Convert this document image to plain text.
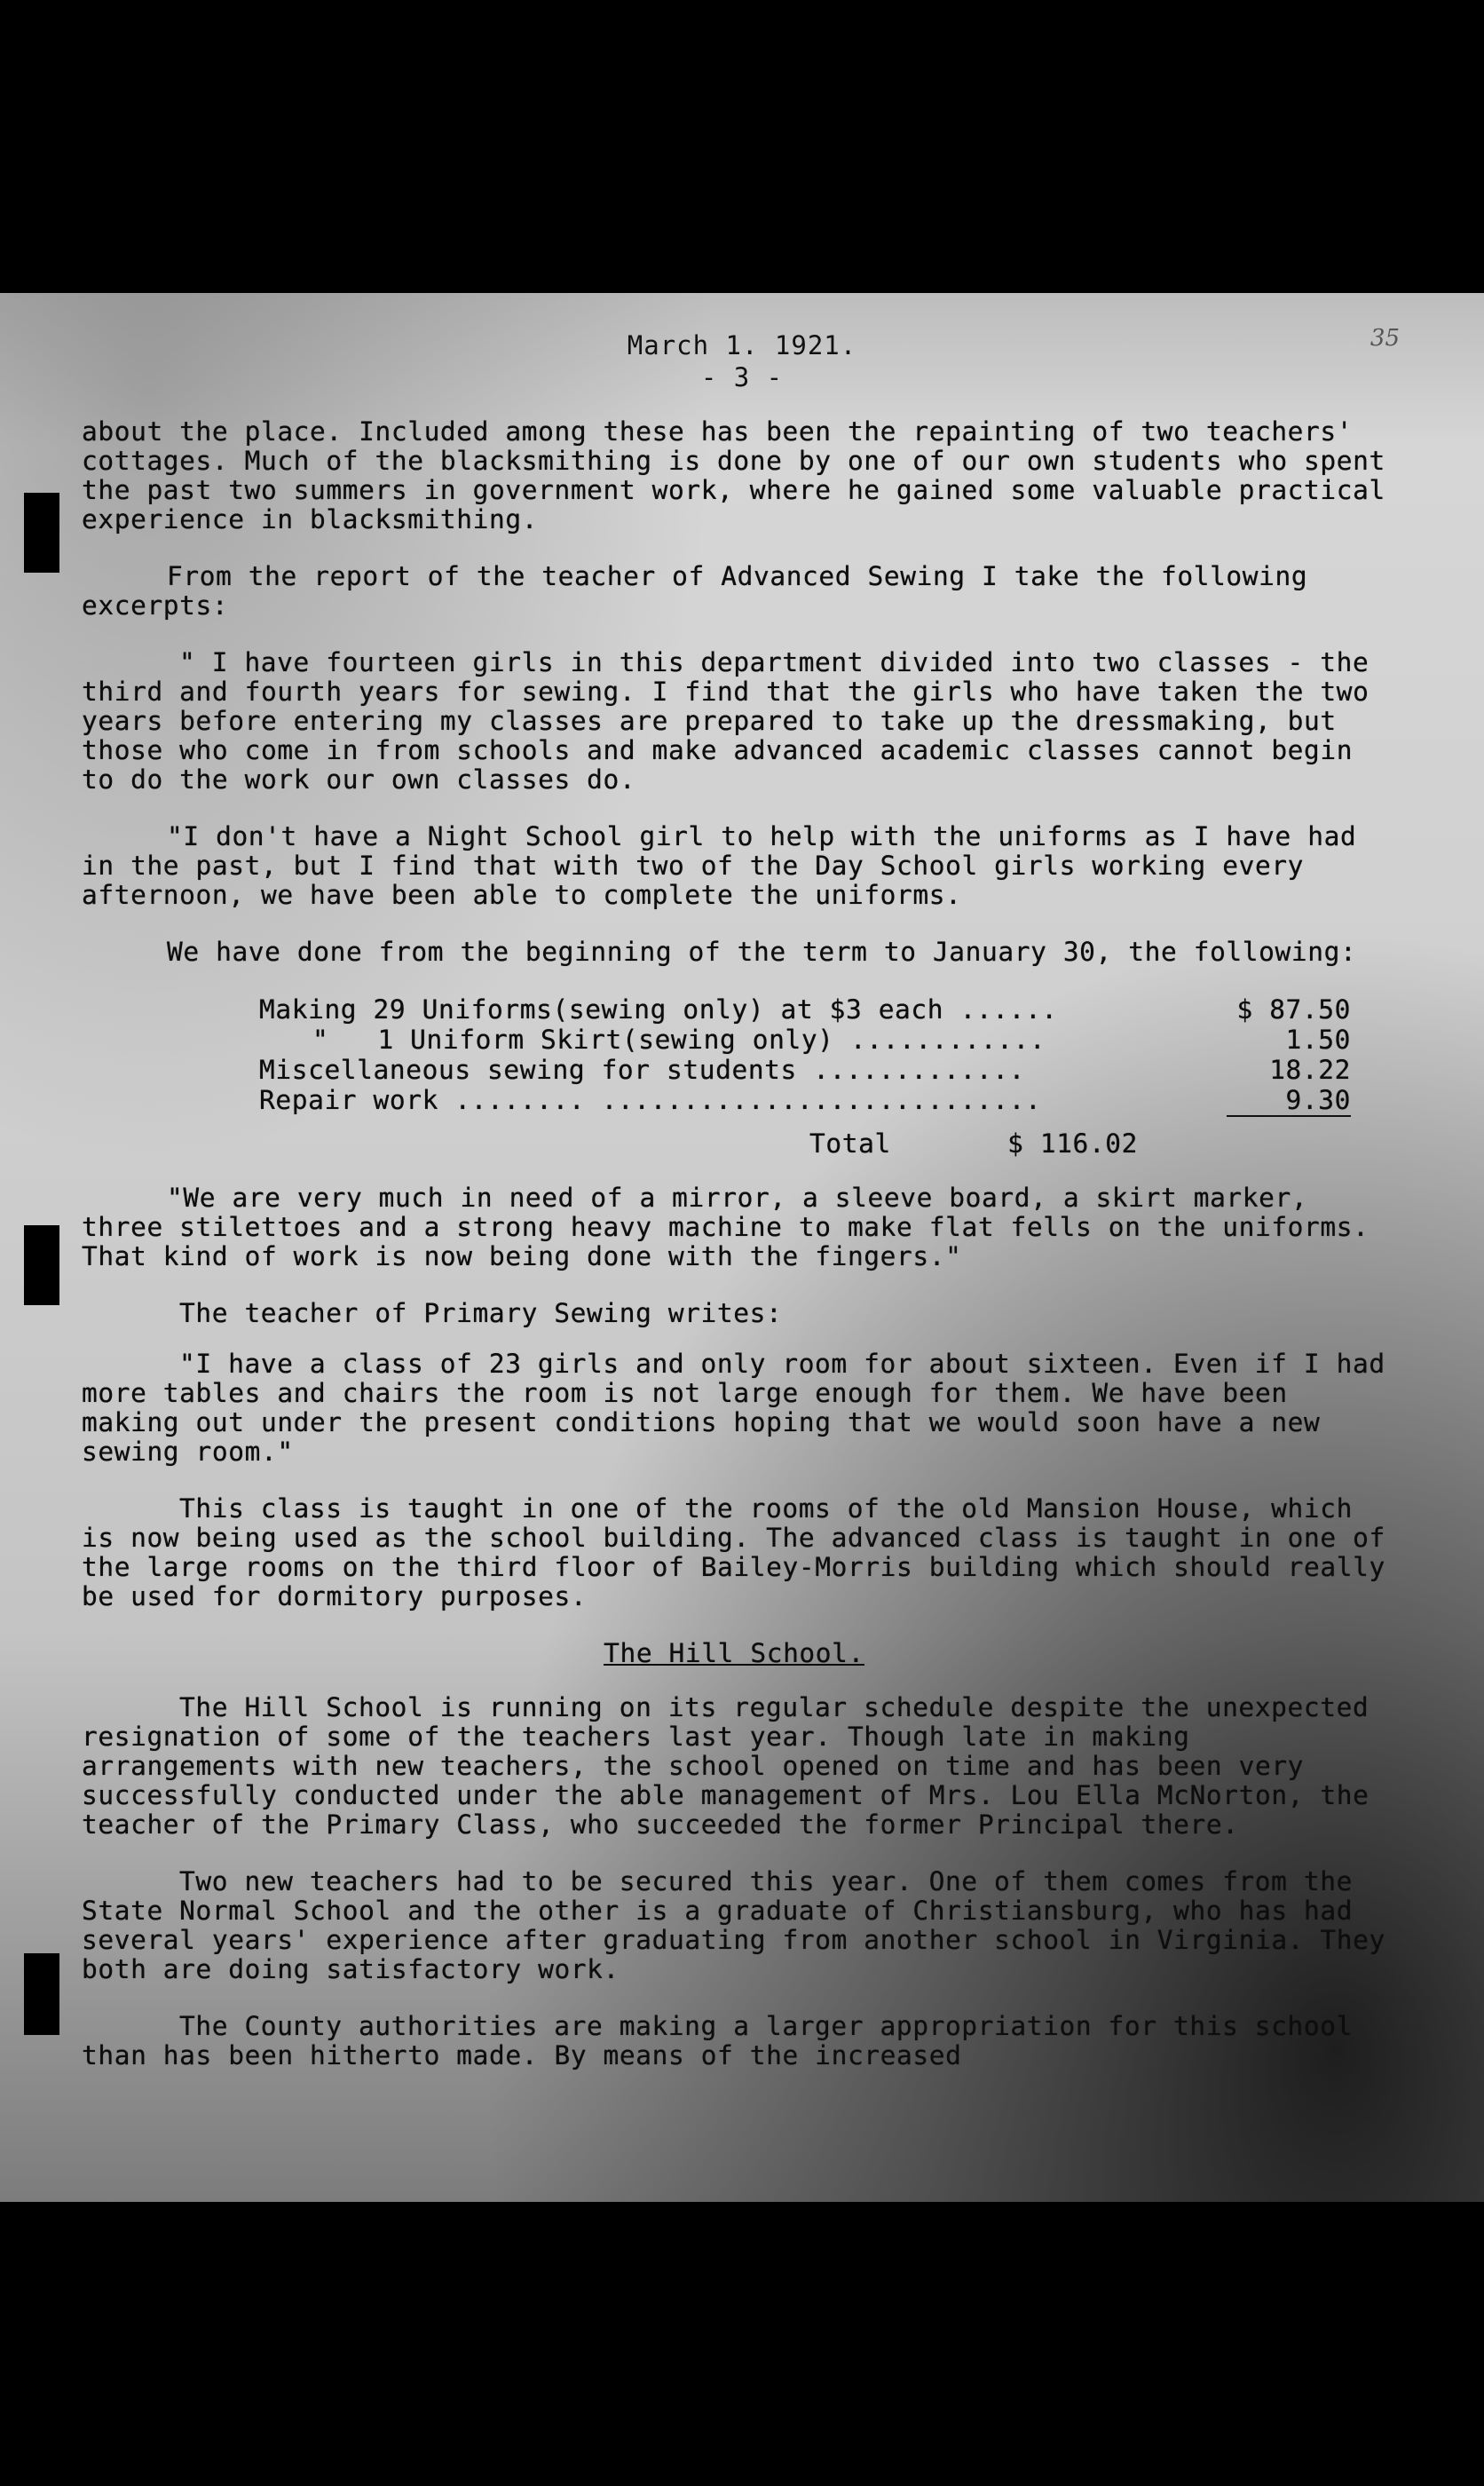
March 1. 1921.
- 3 -
35

about the place. Included among these has been the repainting of two teachers' cottages. Much of the blacksmithing is done by one of our own students who spent the past two summers in government work, where he gained some valuable practical experience in blacksmithing.

From the report of the teacher of Advanced Sewing I take the following excerpts:

" I have fourteen girls in this department divided into two classes - the third and fourth years for sewing. I find that the girls who have taken the two years before entering my classes are prepared to take up the dressmaking, but those who come in from schools and make advanced academic classes cannot begin to do the work our own classes do.

"I don't have a Night School girl to help with the uniforms as I have had in the past, but I find that with two of the Day School girls working every afternoon, we have been able to complete the uniforms.

We have done from the beginning of the term to January 30, the following:

Making 29 Uniforms(sewing only) at $3 each ......	$ 87.50
"   1 Uniform Skirt(sewing only) ............	1.50
Miscellaneous sewing for students .............	18.22
Repair work ........ ...........................	9.30
Total	$ 116.02

"We are very much in need of a mirror, a sleeve board, a skirt marker, three stilettoes and a strong heavy machine to make flat fells on the uniforms. That kind of work is now being done with the fingers."

The teacher of Primary Sewing writes:

"I have a class of 23 girls and only room for about sixteen. Even if I had more tables and chairs the room is not large enough for them. We have been making out under the present conditions hoping that we would soon have a new sewing room."

This class is taught in one of the rooms of the old Mansion House, which is now being used as the school building. The advanced class is taught in one of the large rooms on the third floor of Bailey-Morris building which should really be used for dormitory purposes.

The Hill School.

The Hill School is running on its regular schedule despite the unexpected resignation of some of the teachers last year. Though late in making arrangements with new teachers, the school opened on time and has been very successfully conducted under the able management of Mrs. Lou Ella McNorton, the teacher of the Primary Class, who succeeded the former Principal there.

Two new teachers had to be secured this year. One of them comes from the State Normal School and the other is a graduate of Christiansburg, who has had several years' experience after graduating from another school in Virginia. They both are doing satisfactory work.

The County authorities are making a larger appropriation for this school than has been hitherto made. By means of the increased
